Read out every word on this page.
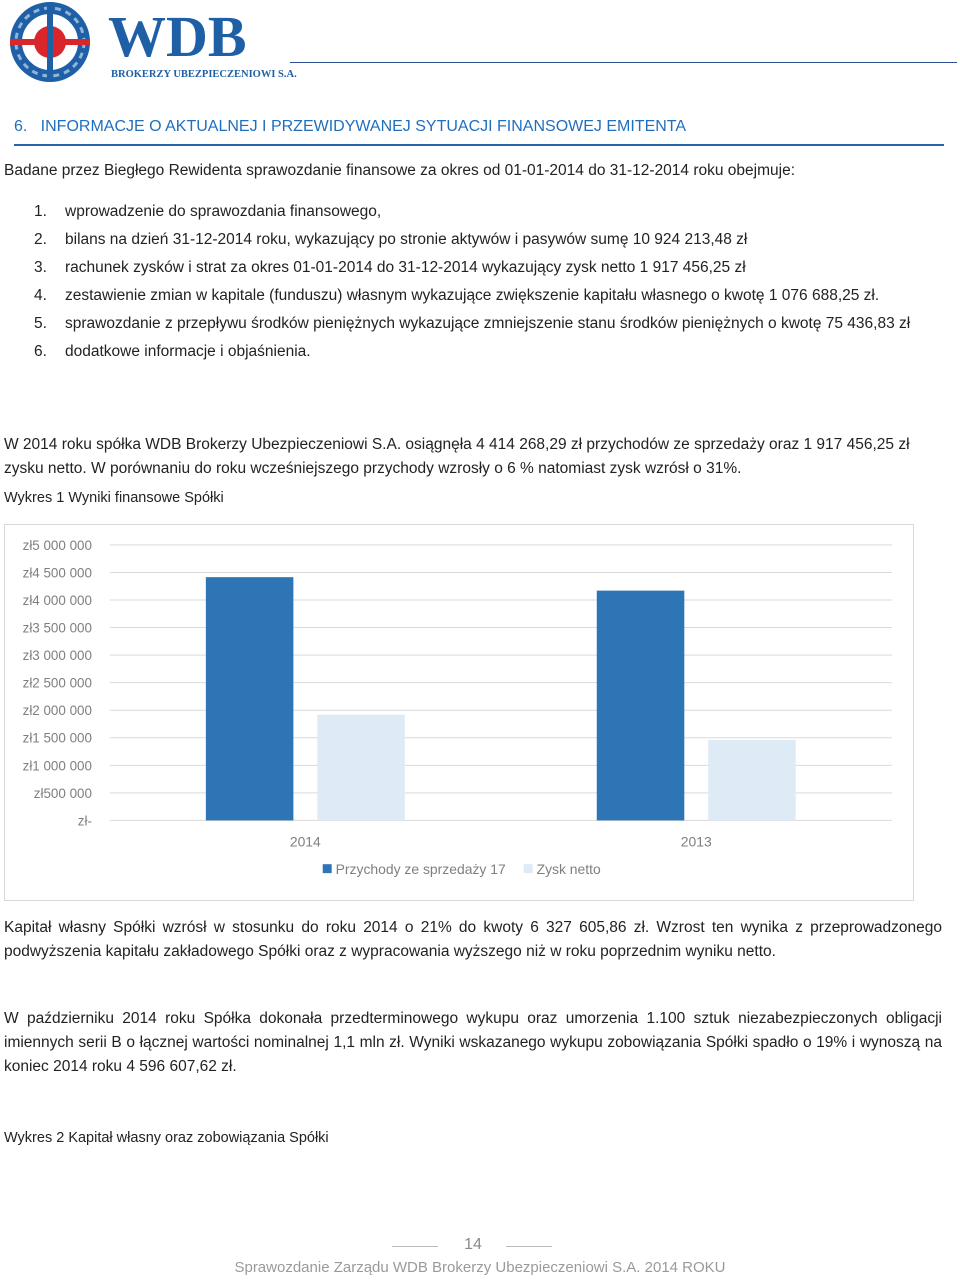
WDB
BROKERZY UBEZPIECZENIOWI S.A.
6.   INFORMACJE O AKTUALNEJ I PRZEWIDYWANEJ SYTUACJI FINANSOWEJ EMITENTA
Badane przez Biegłego Rewidenta sprawozdanie finansowe za okres od 01-01-2014 do 31-12-2014 roku obejmuje:
1. wprowadzenie do sprawozdania finansowego,
2. bilans na dzień 31-12-2014 roku, wykazujący po stronie aktywów i pasywów sumę 10 924 213,48 zł
3. rachunek zysków i strat za okres 01-01-2014 do 31-12-2014 wykazujący zysk netto 1 917 456,25 zł
4. zestawienie zmian w kapitale (funduszu) własnym wykazujące zwiększenie kapitału własnego o kwotę 1 076 688,25 zł.
5. sprawozdanie z przepływu środków pieniężnych wykazujące zmniejszenie stanu środków pieniężnych o kwotę 75 436,83 zł
6. dodatkowe informacje i objaśnienia.
W 2014 roku spółka WDB Brokerzy Ubezpieczeniowi S.A. osiągnęła 4 414 268,29 zł przychodów ze sprzedaży oraz 1 917 456,25 zł zysku netto. W porównaniu do roku wcześniejszego przychody wzrosły o 6 % natomiast zysk wzrósł o 31%.
Wykres 1 Wyniki finansowe Spółki
zł5 000 000
zł4 500 000
zł4 000 000
zł3 500 000
zł3 000 000
zł2 500 000
zł2 000 000
zł1 500 000
zł1 000 000
zł500 000
zł-
2014	2013
Przychody ze sprzedaży 17 Zysk netto
Kapitał własny Spółki wzrósł w stosunku do roku 2014 o 21% do kwoty 6 327 605,86 zł. Wzrost ten wynika z przeprowadzonego podwyższenia kapitału zakładowego Spółki oraz z wypracowania wyższego niż w roku poprzednim wyniku netto.
W październiku 2014 roku Spółka dokonała przedterminowego wykupu oraz umorzenia 1.100 sztuk niezabezpieczonych obligacji imiennych serii B o łącznej wartości nominalnej 1,1 mln zł. Wyniki wskazanego wykupu zobowiązania Spółki spadło o 19% i wynoszą na koniec 2014 roku 4 596 607,62 zł.
Wykres 2 Kapitał własny oraz zobowiązania Spółki
14
Sprawozdanie Zarządu WDB Brokerzy Ubezpieczeniowi S.A. 2014 ROKU
